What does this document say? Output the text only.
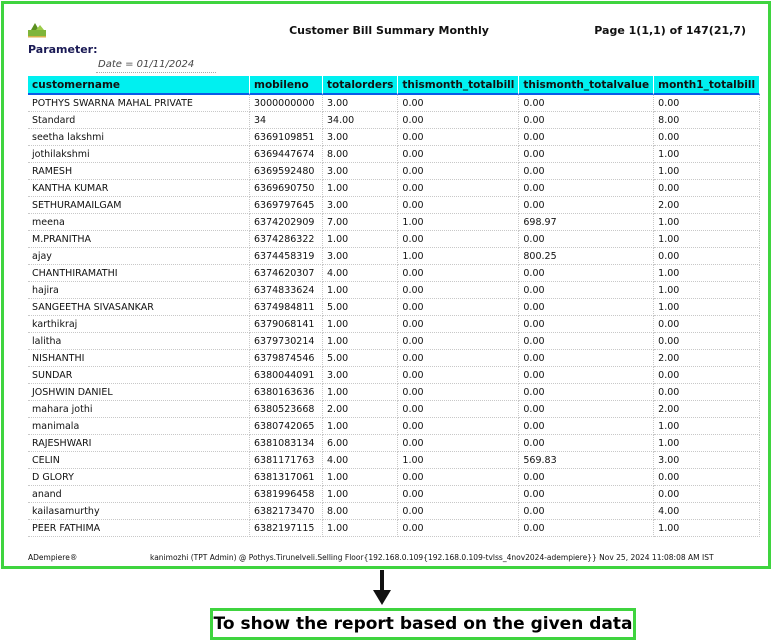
Customer Bill Summary Monthly	Page 1(1,1) of 147(21,7)
Parameter:
Date = 01/11/2024
customername	mobileno	totalorders	thismonth_totalbill	thismonth_totalvalue	month1_totalbill
POTHYS SWARNA MAHAL PRIVATE	3000000000	3.00	0.00	0.00	0.00
Standard	34	34.00	0.00	0.00	8.00
seetha lakshmi	6369109851	3.00	0.00	0.00	0.00
jothilakshmi	6369447674	8.00	0.00	0.00	1.00
RAMESH	6369592480	3.00	0.00	0.00	1.00
KANTHA KUMAR	6369690750	1.00	0.00	0.00	0.00
SETHURAMAILGAM	6369797645	3.00	0.00	0.00	2.00
meena	6374202909	7.00	1.00	698.97	1.00
M.PRANITHA	6374286322	1.00	0.00	0.00	1.00
ajay	6374458319	3.00	1.00	800.25	0.00
CHANTHIRAMATHI	6374620307	4.00	0.00	0.00	1.00
hajira	6374833624	1.00	0.00	0.00	1.00
SANGEETHA SIVASANKAR	6374984811	5.00	0.00	0.00	1.00
karthikraj	6379068141	1.00	0.00	0.00	0.00
lalitha	6379730214	1.00	0.00	0.00	0.00
NISHANTHI	6379874546	5.00	0.00	0.00	2.00
SUNDAR	6380044091	3.00	0.00	0.00	0.00
JOSHWIN DANIEL	6380163636	1.00	0.00	0.00	0.00
mahara jothi	6380523668	2.00	0.00	0.00	2.00
manimala	6380742065	1.00	0.00	0.00	1.00
RAJESHWARI	6381083134	6.00	0.00	0.00	1.00
CELIN	6381171763	4.00	1.00	569.83	3.00
D GLORY	6381317061	1.00	0.00	0.00	0.00
anand	6381996458	1.00	0.00	0.00	0.00
kailasamurthy	6382173470	8.00	0.00	0.00	4.00
PEER FATHIMA	6382197115	1.00	0.00	0.00	1.00
ADempiere®	kanimozhi (TPT Admin) @ Pothys.Tirunelveli.Selling Floor{192.168.0.109{192.168.0.109-tvlss_4nov2024-adempiere}} Nov 25, 2024 11:08:08 AM IST
To show the report based on the given data
